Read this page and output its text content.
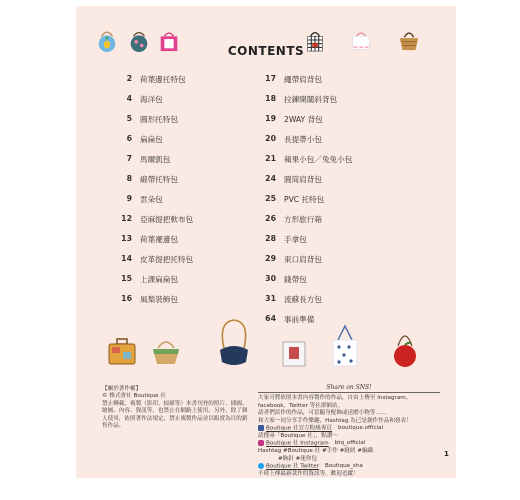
CONTENTS
2 荷葉邊托特包
4 海洋包
5 圓形托特包
6 扁扁包
7 馬爾凱包
8 緞帶托特包
9 雲朵包
12 亞麻提把軟布包
13 荷葉襬邊包
14 皮革提把托特包
15 上課扁扁包
16 風梨裝飾包
17 繩帶肩背包
18 拉鍊開闔斜背包
19 2WAY 背包
20 長提帶小包
21 蘋果小包／兔兔小包
24 圓筒肩背包
25 PVC 托特包
26 方形旅行箱
28 手拿包
29 束口肩背包
30 錢帶包
31 流蘇長方包
64 事前準備
【關於著作權】
© 株式會社 Boutique 社
禁止轉載、複製（影印、掃描等）本書刊登的照片、插圖、繪圖、內容、資訊等，也禁止在網路上使用。另外，除了個人使用，依照著作法規定，禁止複製作品並以販賣為目的銷售作品。
Share on SNS!
大家可將依照本書內容製作的作品，自由上傳至 Instagram、facebook、Twitter 等社群網站。
請者們試作的作品，可當隨身配飾或送贈小物等……
和大家一同分享手作樂趣，Hashtag 為已是創作作品和發表！
Boutique 社官方粉絲專頁 boutique.official
請搜尋「Boutique 社」，點讚～
Boutique 社 Instagram btq_official
Hashtag #Boutique 社 #手作 #縫紉 #編織
#鉤針 #迷你包
Boutique 社 Twitter Boutique_sha
不時上傳最新款作的資訊等，歡迎追蹤！
1
